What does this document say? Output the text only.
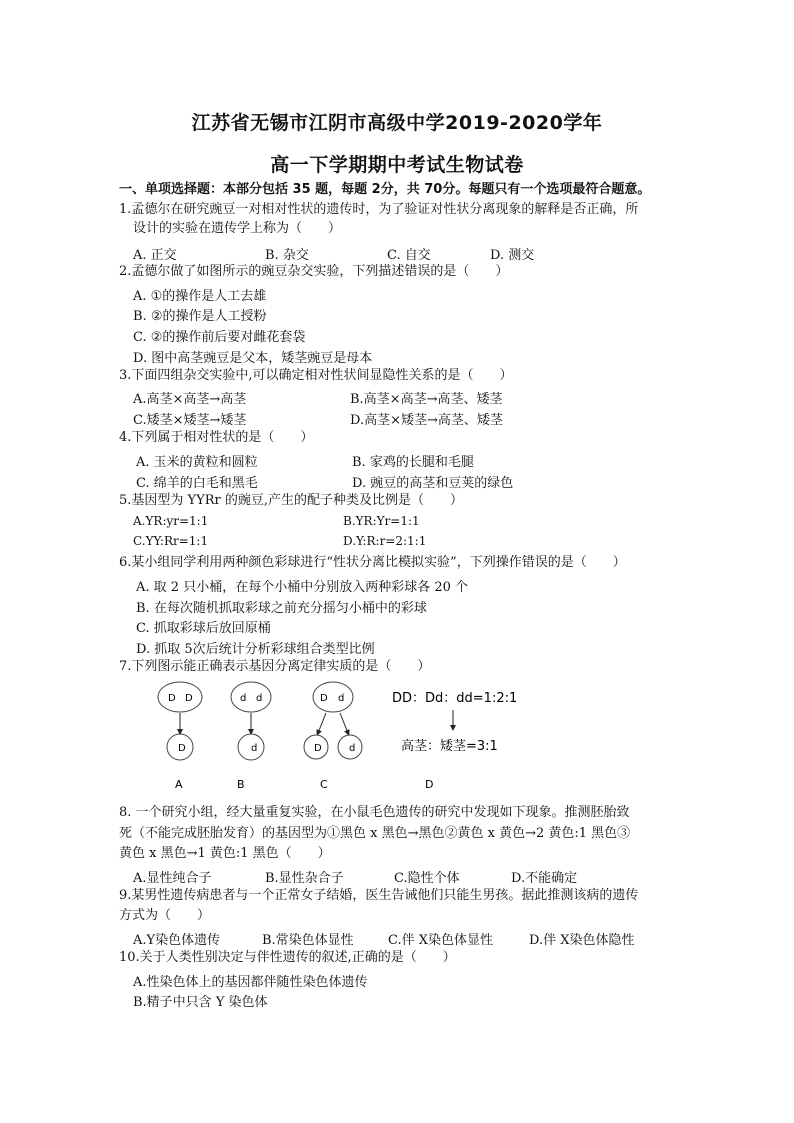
江苏省无锡市江阴市高级中学2019-2020学年
高一下学期期中考试生物试卷
一、单项选择题：本部分包括 35 题，每题 2分，共 70分。每题只有一个选项最符合题意。
1.孟德尔在研究豌豆一对相对性状的遗传时，为了验证对性状分离现象的解释是否正确，所
设计的实验在遗传学上称为（　　）
A. 正交	B. 杂交	C. 自交	D. 测交
2.孟德尔做了如图所示的豌豆杂交实验，下列描述错误的是（　　）
A. ①的操作是人工去雄
B. ②的操作是人工授粉
C. ②的操作前后要对雌花套袋
D. 图中高茎豌豆是父本，矮茎豌豆是母本
3.下面四组杂交实验中,可以确定相对性状间显隐性关系的是（　　）
A.高茎×高茎→高茎	B.高茎×高茎→高茎、矮茎
C.矮茎×矮茎→矮茎	D.高茎×矮茎→高茎、矮茎
4.下列属于相对性状的是（　　）
A. 玉米的黄粒和圆粒	B. 家鸡的长腿和毛腿
C. 绵羊的白毛和黑毛	D. 豌豆的高茎和豆荚的绿色
5.基因型为 YYRr 的豌豆,产生的配子种类及比例是（　　）
A.YR:yr=1:1	B.YR:Yr=1:1
C.YY:Rr=1:1	D.Y:R:r=2:1:1
6.某小组同学利用两种颜色彩球进行“性状分离比模拟实验”，下列操作错误的是（　　）
A. 取 2 只小桶，在每个小桶中分别放入两种彩球各 20 个
B. 在每次随机抓取彩球之前充分摇匀小桶中的彩球
C. 抓取彩球后放回原桶
D. 抓取 5次后统计分析彩球组合类型比例
7.下列图示能正确表示基因分离定律实质的是（　　）
D D
D
A
d d
d
B
D d
D	d
C
DD：Dd：dd=1:2:1
高茎：矮茎=3:1
D
8. 一个研究小组，经大量重复实验，在小鼠毛色遗传的研究中发现如下现象。推测胚胎致
死（不能完成胚胎发育）的基因型为①黑色 x 黑色→黑色②黄色 x 黄色→2 黄色:1 黑色③
黄色 x 黑色→1 黄色:1 黑色（　　）
A.显性纯合子	B.显性杂合子	C.隐性个体	D.不能确定
9.某男性遗传病患者与一个正常女子结婚，医生告诫他们只能生男孩。据此推测该病的遗传
方式为（　　）
A.Y染色体遗传	B.常染色体显性	C.伴 X染色体显性	D.伴 X染色体隐性
10.关于人类性别决定与伴性遗传的叙述,正确的是（　　）
A.性染色体上的基因都伴随性染色体遗传
B.精子中只含 Y 染色体
